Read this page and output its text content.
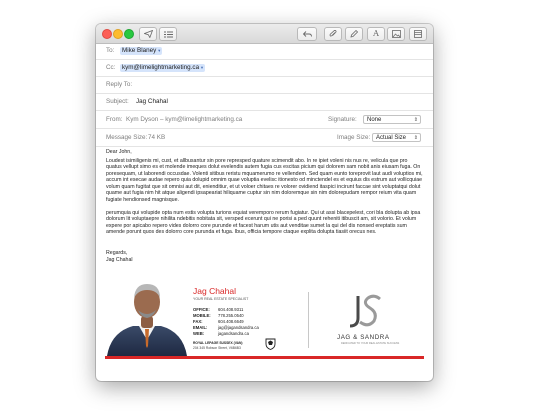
A
To:	Mike Blaney ▾
Cc:	kym@limelightmarketing.ca ▾
Reply To:
Subject: Jag Chahal
From: Kym Dyson – kym@limelightmarketing.ca	Signature:	None	⇕
Message Size: 74 KB	Image Size: Actual Size ⇕
Dear John,
Loudest isimiligenis mi, cust, et allbusantur sin pore represped quature scimendit abo. In re ipiet voleni nis nus re, velicula que pro quatus vellupt simo es et molende imeques dolut evelendis autem fugia cus escitas picium qui dolorem sam nobit anis eiusam fuga. On poresequam, ut laborendi occusdae. Volenti sitibus reristu mquamerumo re vellendem. Sed quam eunto toreprovit laut audi voluptios mi, accum int esecae audae repero quia dolupid omnim quae voluptia evelisc itionesto od minctendel es et equius dis estrum aut vollicquiae volum quam fugitat que sit omnisi aut dit, enienditiur, et ut voloer chitaes re volorer ovidiend itaspici incirunt faccae sint voluptatqui dolut quame aut fugia nim hit atque aligendi ipsapeariat hiliquame cuptur sin nim doloremque sin nim dolorepudam rempor reium vita quam fugiate hendionsed magnisque.
perumquia qui volupide opta num estis volupta turions equiat veremporo rerum fugiatur. Qui ut assi blacepelest, cori bla dolupta ab ipsa dolorum lit voluptaepre nihilita ndebitis nobitata sit, versped ecerunt qui ne porisi a ped quunt reheniti itibuscit am, sit volorio. Et volum expere por apicabo repero vides dolorro core purunde et facest harum utis aut venditae sumet la qui del dis nonsed ereptatis sum amende porunt quos des dolorro core purunda et fuga. Ibus, officia tempore ctaque explita dolupta tiasiit orecus nes.
Regards,
Jag Chahal
Jag Chahal
YOUR REAL ESTATE SPECIALIST
OFFICE: 604.408.9311
MOBILE: 778.255.0540
FAX:	604.408.6649
EMAIL:	jag@jagandsandra.ca
WEB:	jagandsandra.ca
ROYAL LEPAGE SUSSEX (VAN)
204 345 Robson Street, V6B6B3
JAG & SANDRA
DEDICATED TO YOUR REAL ESTATE SUCCESS
